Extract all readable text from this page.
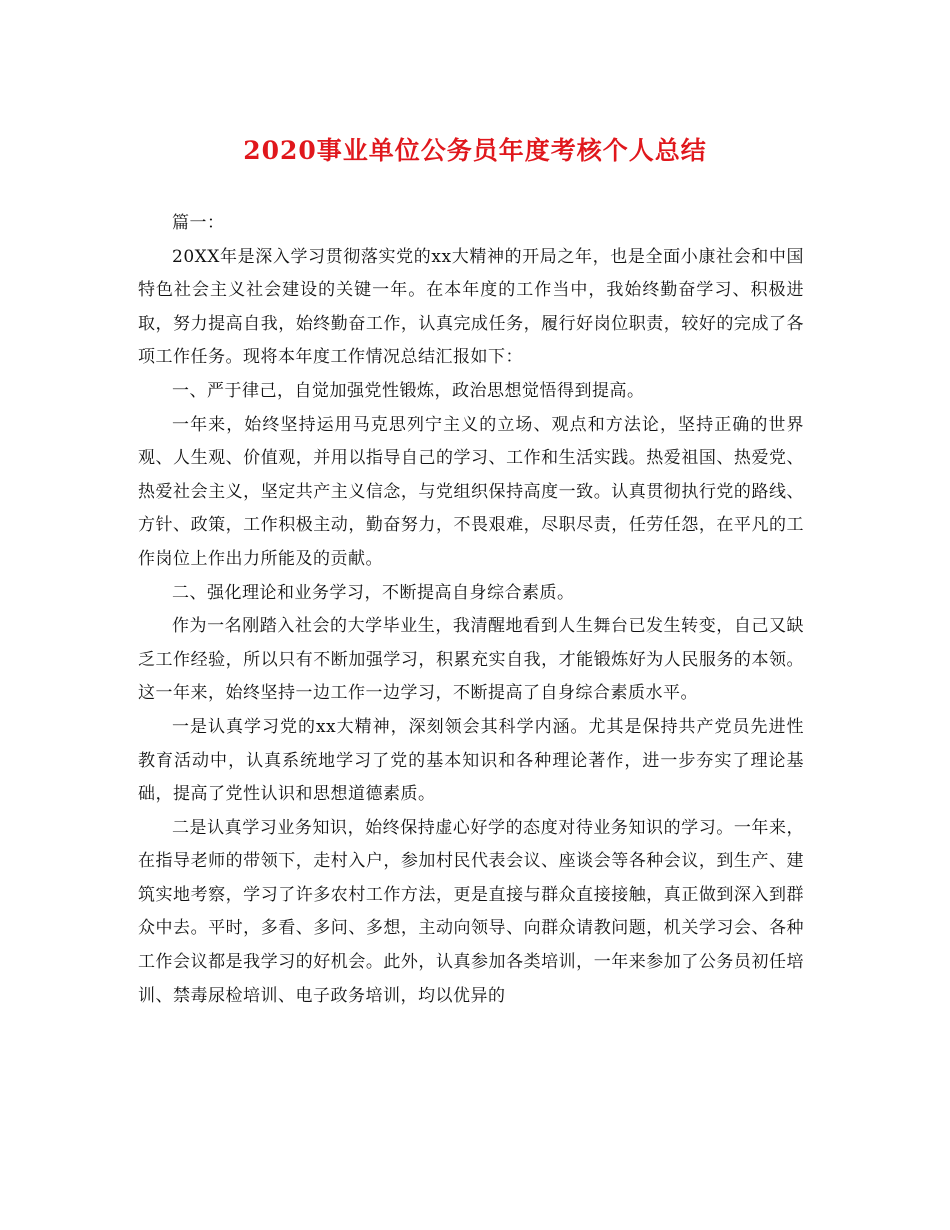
2020事业单位公务员年度考核个人总结

篇一：

20XX年是深入学习贯彻落实党的xx大精神的开局之年，也是全面小康社会和中国特色社会主义社会建设的关键一年。在本年度的工作当中，我始终勤奋学习、积极进取，努力提高自我，始终勤奋工作，认真完成任务，履行好岗位职责，较好的完成了各项工作任务。现将本年度工作情况总结汇报如下：

一、严于律己，自觉加强党性锻炼，政治思想觉悟得到提高。

一年来，始终坚持运用马克思列宁主义的立场、观点和方法论，坚持正确的世界观、人生观、价值观，并用以指导自己的学习、工作和生活实践。热爱祖国、热爱党、热爱社会主义，坚定共产主义信念，与党组织保持高度一致。认真贯彻执行党的路线、方针、政策，工作积极主动，勤奋努力，不畏艰难，尽职尽责，任劳任怨，在平凡的工作岗位上作出力所能及的贡献。

二、强化理论和业务学习，不断提高自身综合素质。

作为一名刚踏入社会的大学毕业生，我清醒地看到人生舞台已发生转变，自己又缺乏工作经验，所以只有不断加强学习，积累充实自我，才能锻炼好为人民服务的本领。这一年来，始终坚持一边工作一边学习，不断提高了自身综合素质水平。

一是认真学习党的xx大精神，深刻领会其科学内涵。尤其是保持共产党员先进性教育活动中，认真系统地学习了党的基本知识和各种理论著作，进一步夯实了理论基础，提高了党性认识和思想道德素质。

二是认真学习业务知识，始终保持虚心好学的态度对待业务知识的学习。一年来，在指导老师的带领下，走村入户，参加村民代表会议、座谈会等各种会议，到生产、建筑实地考察，学习了许多农村工作方法，更是直接与群众直接接触，真正做到深入到群众中去。平时，多看、多问、多想，主动向领导、向群众请教问题，机关学习会、各种工作会议都是我学习的好机会。此外，认真参加各类培训，一年来参加了公务员初任培训、禁毒尿检培训、电子政务培训，均以优异的
